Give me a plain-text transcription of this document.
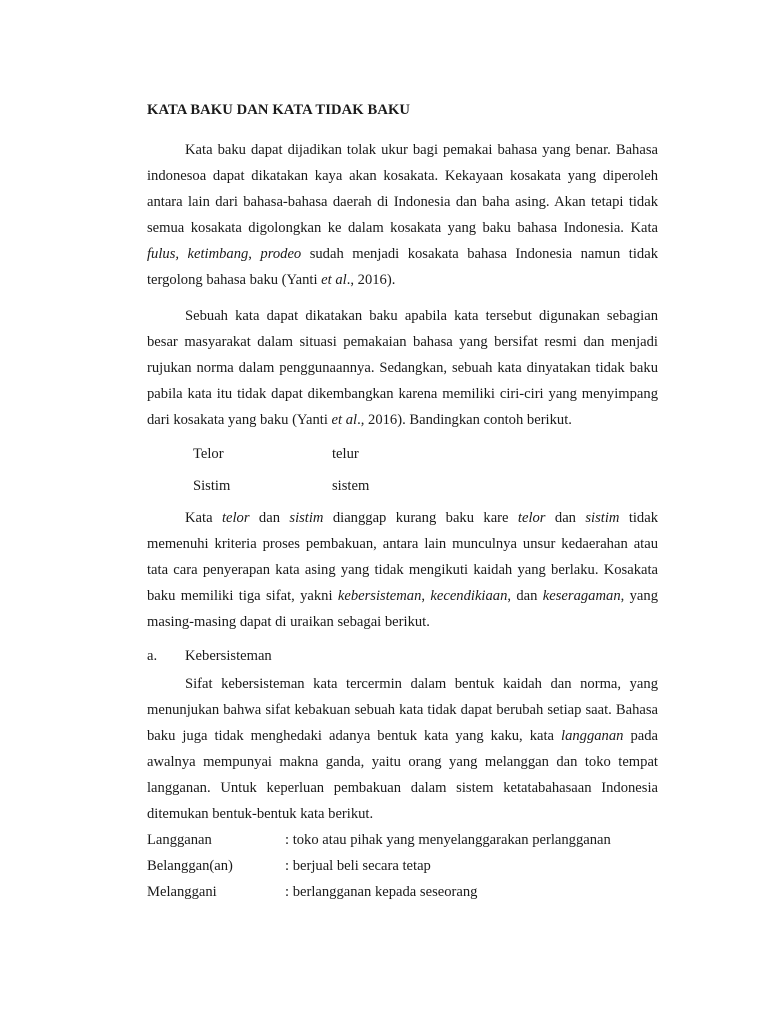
KATA BAKU DAN KATA TIDAK BAKU

Kata baku dapat dijadikan tolak ukur bagi pemakai bahasa yang benar. Bahasa indonesoa dapat dikatakan kaya akan kosakata. Kekayaan kosakata yang diperoleh antara lain dari bahasa-bahasa daerah di Indonesia dan baha asing. Akan tetapi tidak semua kosakata digolongkan ke dalam kosakata yang baku bahasa Indonesia. Kata fulus, ketimbang, prodeo sudah menjadi kosakata bahasa Indonesia namun tidak tergolong bahasa baku (Yanti et al., 2016).

Sebuah kata dapat dikatakan baku apabila kata tersebut digunakan sebagian besar masyarakat dalam situasi pemakaian bahasa yang bersifat resmi dan menjadi rujukan norma dalam penggunaannya. Sedangkan, sebuah kata dinyatakan tidak baku pabila kata itu tidak dapat dikembangkan karena memiliki ciri-ciri yang menyimpang dari kosakata yang baku (Yanti et al., 2016). Bandingkan contoh berikut.

Telor	telur
Sistim	sistem

Kata telor dan sistim dianggap kurang baku kare telor dan sistim tidak memenuhi kriteria proses pembakuan, antara lain munculnya unsur kedaerahan atau tata cara penyerapan kata asing yang tidak mengikuti kaidah yang berlaku. Kosakata baku memiliki tiga sifat, yakni kebersisteman, kecendikiaan, dan keseragaman, yang masing-masing dapat di uraikan sebagai berikut.

a. Kebersisteman

Sifat kebersisteman kata tercermin dalam bentuk kaidah dan norma, yang menunjukan bahwa sifat kebakuan sebuah kata tidak dapat berubah setiap saat. Bahasa baku juga tidak menghedaki adanya bentuk kata yang kaku, kata langganan pada awalnya mempunyai makna ganda, yaitu orang yang melanggan dan toko tempat langganan. Untuk keperluan pembakuan dalam sistem ketatabahasaan Indonesia ditemukan bentuk-bentuk kata berikut.

Langganan	: toko atau pihak yang menyelanggarakan perlangganan
Belanggan(an)	: berjual beli secara tetap
Melanggani	: berlangganan kepada seseorang
